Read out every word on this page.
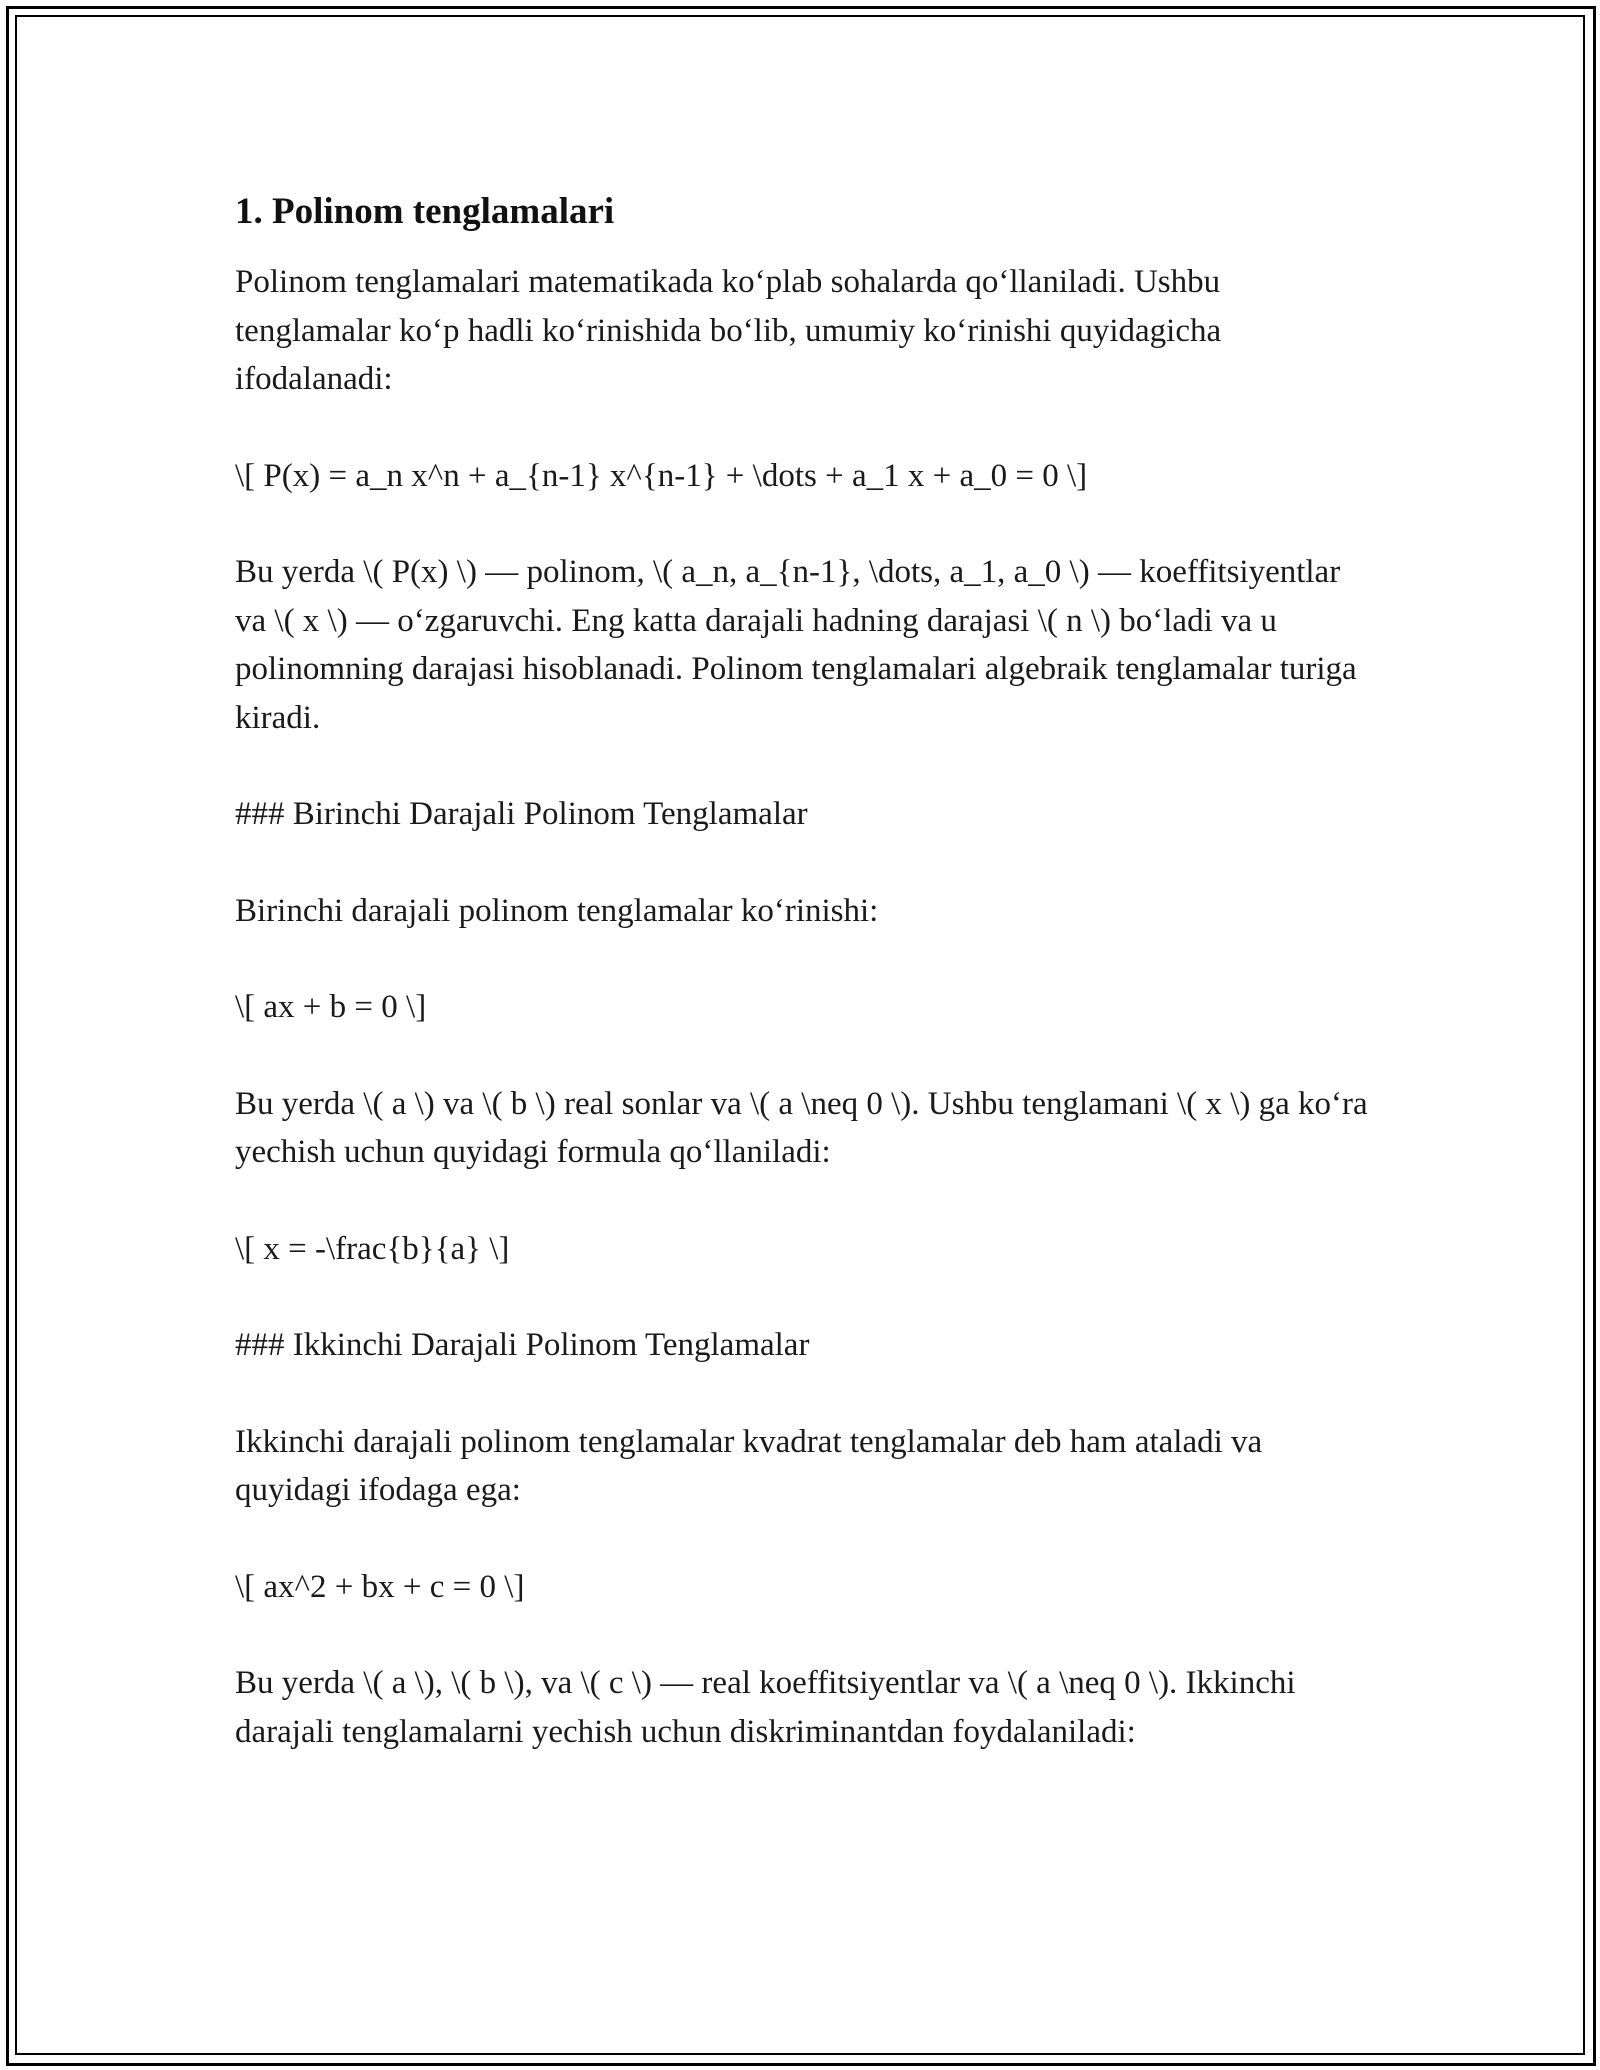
1. Polinom tenglamalari

Polinom tenglamalari matematikada ko‘plab sohalarda qo‘llaniladi. Ushbu tenglamalar ko‘p hadli ko‘rinishida bo‘lib, umumiy ko‘rinishi quyidagicha ifodalanadi:

\[ P(x) = a_n x^n + a_{n-1} x^{n-1} + \dots + a_1 x + a_0 = 0 \]

Bu yerda \( P(x) \) — polinom, \( a_n, a_{n-1}, \dots, a_1, a_0 \) — koeffitsiyentlar va \( x \) — o‘zgaruvchi. Eng katta darajali hadning darajasi \( n \) bo‘ladi va u polinomning darajasi hisoblanadi. Polinom tenglamalari algebraik tenglamalar turiga kiradi.

### Birinchi Darajali Polinom Tenglamalar

Birinchi darajali polinom tenglamalar ko‘rinishi:

\[ ax + b = 0 \]

Bu yerda \( a \) va \( b \) real sonlar va \( a \neq 0 \). Ushbu tenglamani \( x \) ga ko‘ra yechish uchun quyidagi formula qo‘llaniladi:

\[ x = -\frac{b}{a} \]

### Ikkinchi Darajali Polinom Tenglamalar

Ikkinchi darajali polinom tenglamalar kvadrat tenglamalar deb ham ataladi va quyidagi ifodaga ega:

\[ ax^2 + bx + c = 0 \]

Bu yerda \( a \), \( b \), va \( c \) — real koeffitsiyentlar va \( a \neq 0 \). Ikkinchi darajali tenglamalarni yechish uchun diskriminantdan foydalaniladi:
